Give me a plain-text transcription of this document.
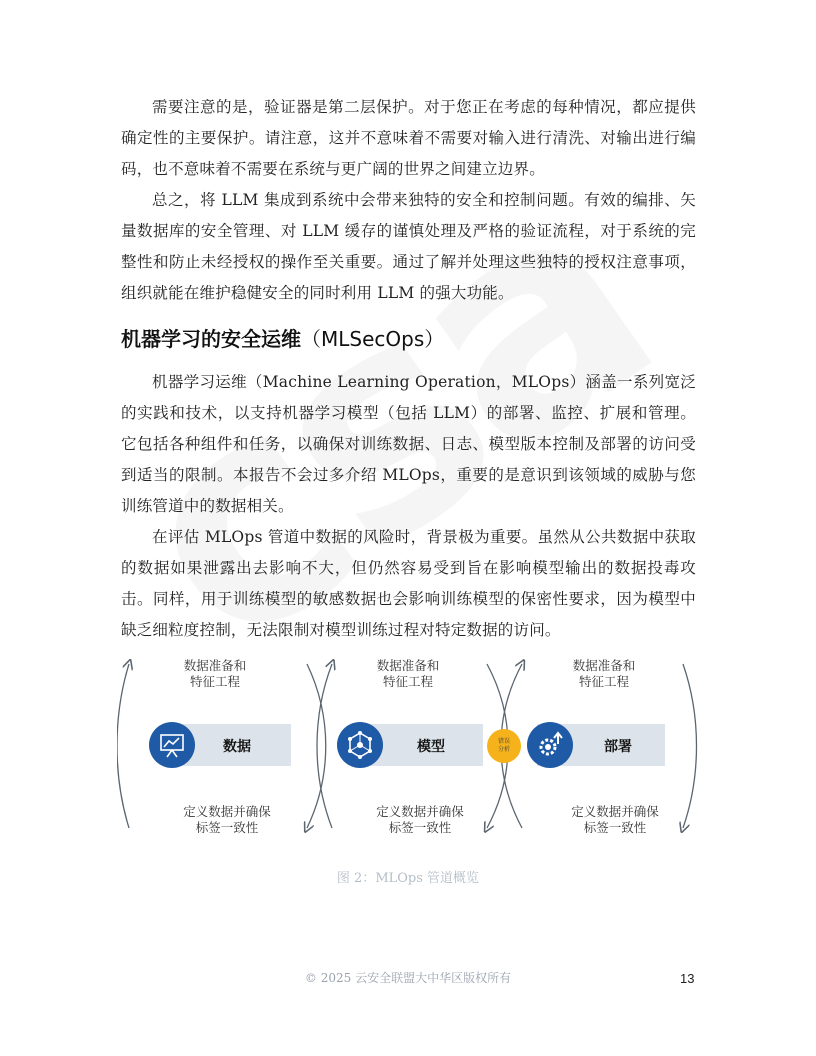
需要注意的是，验证器是第二层保护。对于您正在考虑的每种情况，都应提供确定性的主要保护。请注意，这并不意味着不需要对输入进行清洗、对输出进行编码，也不意味着不需要在系统与更广阔的世界之间建立边界。

总之，将 LLM 集成到系统中会带来独特的安全和控制问题。有效的编排、矢量数据库的安全管理、对 LLM 缓存的谨慎处理及严格的验证流程，对于系统的完整性和防止未经授权的操作至关重要。通过了解并处理这些独特的授权注意事项，组织就能在维护稳健安全的同时利用 LLM 的强大功能。

机器学习的安全运维（MLSecOps）

机器学习运维（Machine Learning Operation，MLOps）涵盖一系列宽泛的实践和技术，以支持机器学习模型（包括 LLM）的部署、监控、扩展和管理。它包括各种组件和任务，以确保对训练数据、日志、模型版本控制及部署的访问受到适当的限制。本报告不会过多介绍 MLOps，重要的是意识到该领域的威胁与您训练管道中的数据相关。

在评估 MLOps 管道中数据的风险时，背景极为重要。虽然从公共数据中获取的数据如果泄露出去影响不大，但仍然容易受到旨在影响模型输出的数据投毒攻击。同样，用于训练模型的敏感数据也会影响训练模型的保密性要求，因为模型中缺乏细粒度控制，无法限制对模型训练过程对特定数据的访问。

数据准备和
特征工程
数据准备和
特征工程
数据准备和
特征工程
数据	模型	部署
错误
分析
定义数据并确保
标签一致性
定义数据并确保
标签一致性
定义数据并确保
标签一致性
图 2：MLOps 管道概览
© 2025 云安全联盟大中华区版权所有	13
